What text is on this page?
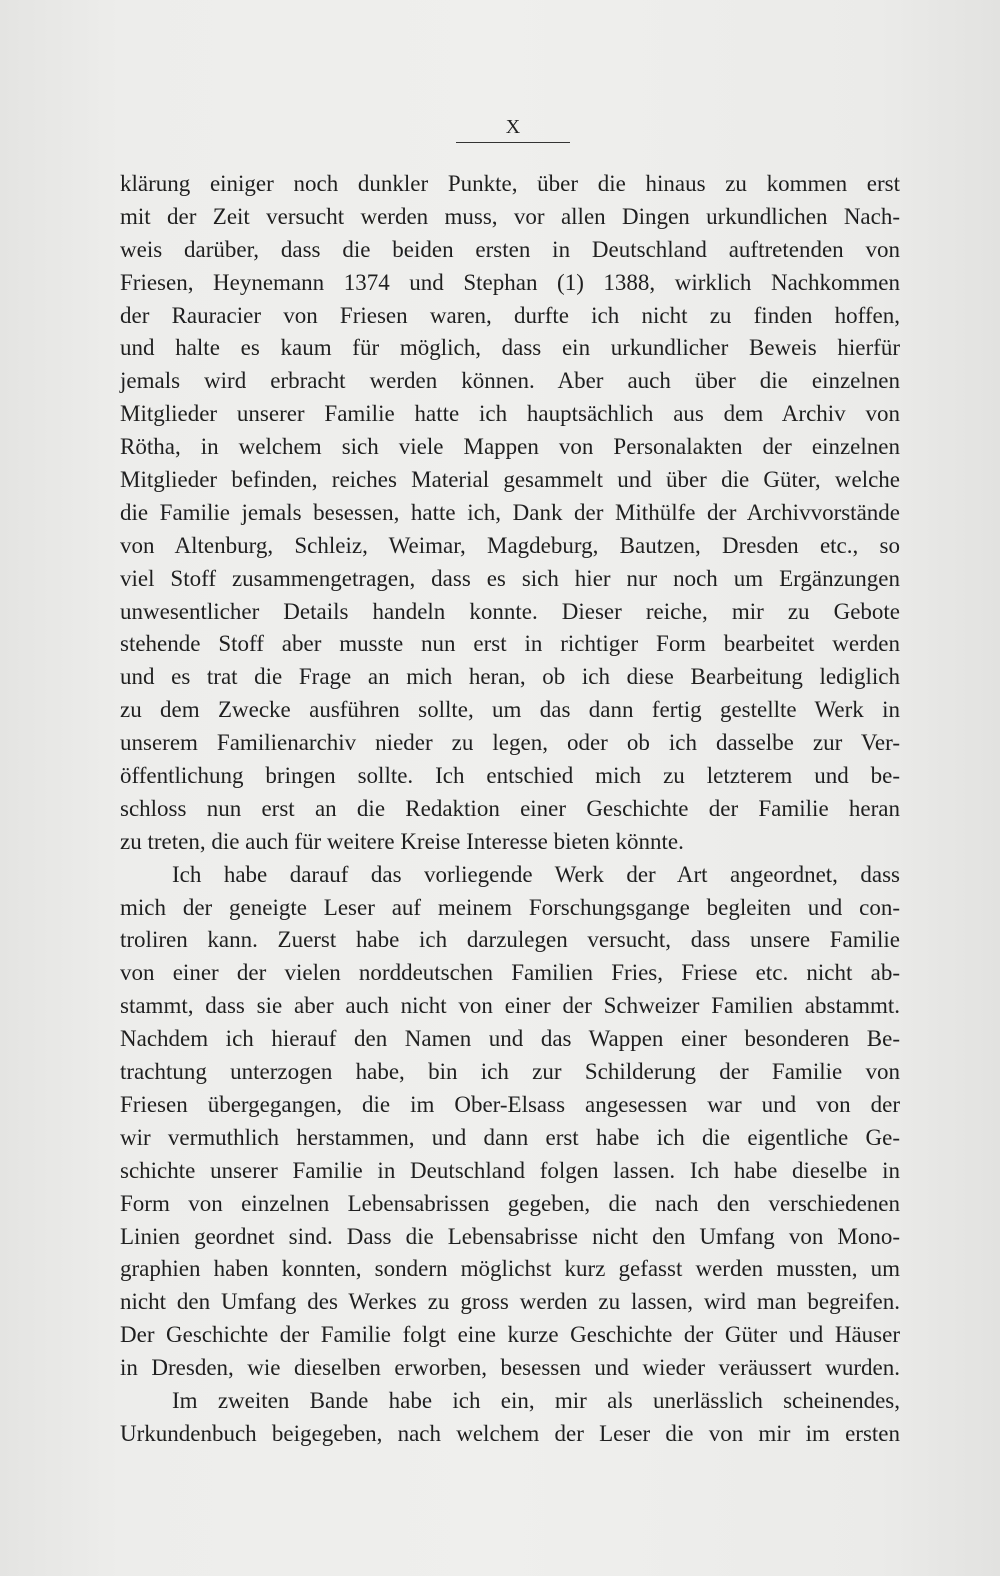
X
klärung einiger noch dunkler Punkte, über die hinaus zu kommen erst
mit der Zeit versucht werden muss, vor allen Dingen urkundlichen Nach-
weis darüber, dass die beiden ersten in Deutschland auftretenden von
Friesen, Heynemann 1374 und Stephan (1) 1388, wirklich Nachkommen
der Rauracier von Friesen waren, durfte ich nicht zu finden hoffen,
und halte es kaum für möglich, dass ein urkundlicher Beweis hierfür
jemals wird erbracht werden können. Aber auch über die einzelnen
Mitglieder unserer Familie hatte ich hauptsächlich aus dem Archiv von
Rötha, in welchem sich viele Mappen von Personalakten der einzelnen
Mitglieder befinden, reiches Material gesammelt und über die Güter, welche
die Familie jemals besessen, hatte ich, Dank der Mithülfe der Archivvorstände
von Altenburg, Schleiz, Weimar, Magdeburg, Bautzen, Dresden etc., so
viel Stoff zusammengetragen, dass es sich hier nur noch um Ergänzungen
unwesentlicher Details handeln konnte. Dieser reiche, mir zu Gebote
stehende Stoff aber musste nun erst in richtiger Form bearbeitet werden
und es trat die Frage an mich heran, ob ich diese Bearbeitung lediglich
zu dem Zwecke ausführen sollte, um das dann fertig gestellte Werk in
unserem Familienarchiv nieder zu legen, oder ob ich dasselbe zur Ver-
öffentlichung bringen sollte. Ich entschied mich zu letzterem und be-
schloss nun erst an die Redaktion einer Geschichte der Familie heran
zu treten, die auch für weitere Kreise Interesse bieten könnte.
Ich habe darauf das vorliegende Werk der Art angeordnet, dass
mich der geneigte Leser auf meinem Forschungsgange begleiten und con-
troliren kann. Zuerst habe ich darzulegen versucht, dass unsere Familie
von einer der vielen norddeutschen Familien Fries, Friese etc. nicht ab-
stammt, dass sie aber auch nicht von einer der Schweizer Familien abstammt.
Nachdem ich hierauf den Namen und das Wappen einer besonderen Be-
trachtung unterzogen habe, bin ich zur Schilderung der Familie von
Friesen übergegangen, die im Ober-Elsass angesessen war und von der
wir vermuthlich herstammen, und dann erst habe ich die eigentliche Ge-
schichte unserer Familie in Deutschland folgen lassen. Ich habe dieselbe in
Form von einzelnen Lebensabrissen gegeben, die nach den verschiedenen
Linien geordnet sind. Dass die Lebensabrisse nicht den Umfang von Mono-
graphien haben konnten, sondern möglichst kurz gefasst werden mussten, um
nicht den Umfang des Werkes zu gross werden zu lassen, wird man begreifen.
Der Geschichte der Familie folgt eine kurze Geschichte der Güter und Häuser
in Dresden, wie dieselben erworben, besessen und wieder veräussert wurden.
Im zweiten Bande habe ich ein, mir als unerlässlich scheinendes,
Urkundenbuch beigegeben, nach welchem der Leser die von mir im ersten
